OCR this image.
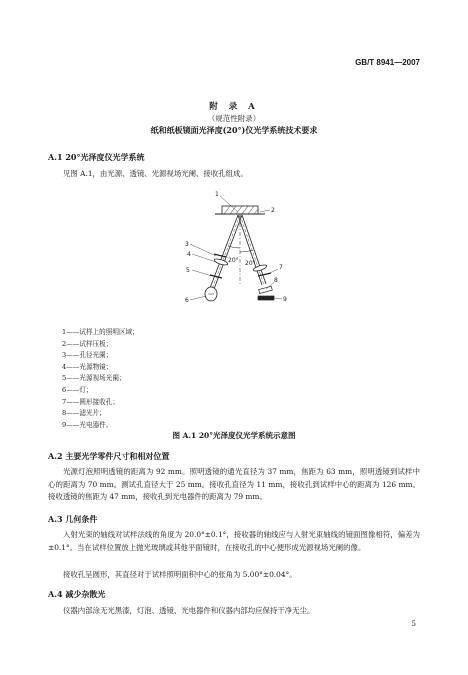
GB/T 8941—2007
附 录 A
（规范性附录）
纸和纸板镜面光泽度(20°)仪光学系统技术要求
A.1 20°光泽度仪光学系统
见图 A.1，由光源、透镜、光源视场光阑、接收孔组成。
20° 20°
1
2
3
4
5
6
7
8
9
1——试样上的照明区域；
2——试样压板；
3——孔径光阑；
4——光源物镜；
5——光源视场光阑；
6——灯；
7——圆形接收孔；
8——滤光片；
9——光电器件。
图 A.1 20°光泽度仪光学系统示意图
A.2 主要光学零件尺寸和相对位置
光源灯泡照明透镜的距离为 92 mm。照明透镜的通光直径为 37 mm，焦距为 63 mm，照明透镜到试样中心的距离为 70 mm。测试孔直径大于 25 mm。接收孔直径为 11 mm，接收孔到试样中心的距离为 126 mm。接收透镜的焦距为 47 mm，接收孔到光电器件的距离为 79 mm。
A.3 几何条件
入射光束的轴线对试样法线的角度为 20.0°±0.1°，接收器的轴线应与入射光束轴线的镜面图像相符，偏差为±0.1°。当在试样位置放上抛光玻璃或其他平面镜时，在接收孔的中心便形成光源视场光阑的像。
接收孔呈圆形，其直径对于试样照明面积中心的张角为 5.00°±0.04°。
A.4 减少杂散光
仪器内部涂无光黑漆，灯泡、透镜、光电器件和仪器内部均应保持干净无尘。
5
